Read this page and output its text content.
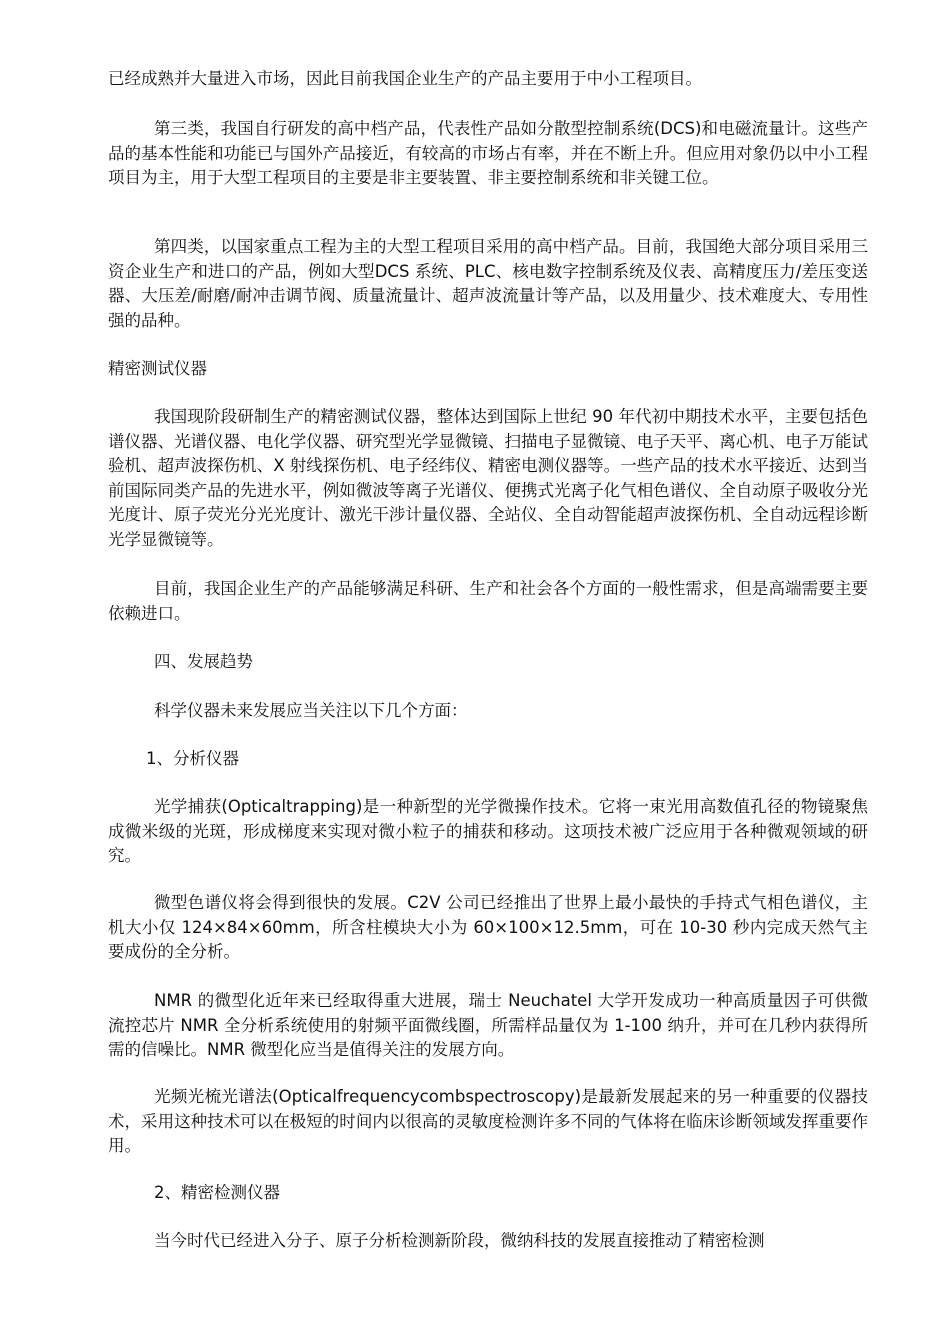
已经成熟并大量进入市场，因此目前我国企业生产的产品主要用于中小工程项目。

第三类，我国自行研发的高中档产品，代表性产品如分散型控制系统(DCS)和电磁流量计。这些产品的基本性能和功能已与国外产品接近，有较高的市场占有率，并在不断上升。但应用对象仍以中小工程项目为主，用于大型工程项目的主要是非主要装置、非主要控制系统和非关键工位。

第四类，以国家重点工程为主的大型工程项目采用的高中档产品。目前，我国绝大部分项目采用三资企业生产和进口的产品，例如大型DCS 系统、PLC、核电数字控制系统及仪表、高精度压力/差压变送器、大压差/耐磨/耐冲击调节阀、质量流量计、超声波流量计等产品，以及用量少、技术难度大、专用性强的品种。

精密测试仪器

我国现阶段研制生产的精密测试仪器，整体达到国际上世纪 90 年代初中期技术水平，主要包括色谱仪器、光谱仪器、电化学仪器、研究型光学显微镜、扫描电子显微镜、电子天平、离心机、电子万能试验机、超声波探伤机、X 射线探伤机、电子经纬仪、精密电测仪器等。一些产品的技术水平接近、达到当前国际同类产品的先进水平，例如微波等离子光谱仪、便携式光离子化气相色谱仪、全自动原子吸收分光光度计、原子荧光分光光度计、激光干涉计量仪器、全站仪、全自动智能超声波探伤机、全自动远程诊断光学显微镜等。

目前，我国企业生产的产品能够满足科研、生产和社会各个方面的一般性需求，但是高端需要主要依赖进口。

四、发展趋势

科学仪器未来发展应当关注以下几个方面：

1、分析仪器

光学捕获(Opticaltrapping)是一种新型的光学微操作技术。它将一束光用高数值孔径的物镜聚焦成微米级的光斑，形成梯度来实现对微小粒子的捕获和移动。这项技术被广泛应用于各种微观领域的研究。

微型色谱仪将会得到很快的发展。C2V 公司已经推出了世界上最小最快的手持式气相色谱仪，主机大小仅 124×84×60mm，所含柱模块大小为 60×100×12.5mm，可在 10-30 秒内完成天然气主要成份的全分析。

NMR 的微型化近年来已经取得重大进展，瑞士 Neuchatel 大学开发成功一种高质量因子可供微流控芯片 NMR 全分析系统使用的射频平面微线圈，所需样品量仅为 1-100 纳升，并可在几秒内获得所需的信噪比。NMR 微型化应当是值得关注的发展方向。

光频光梳光谱法(Opticalfrequencycombspectroscopy)是最新发展起来的另一种重要的仪器技术，采用这种技术可以在极短的时间内以很高的灵敏度检测许多不同的气体将在临床诊断领域发挥重要作用。

2、精密检测仪器

当今时代已经进入分子、原子分析检测新阶段，微纳科技的发展直接推动了精密检测
